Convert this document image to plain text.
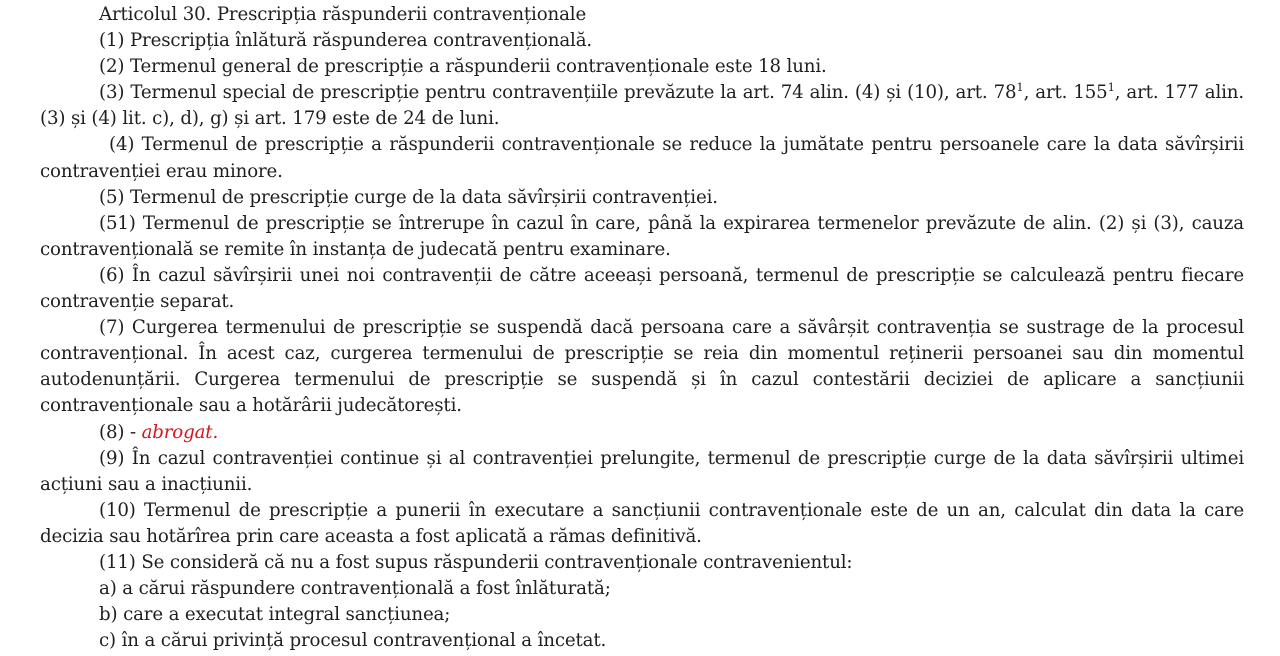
Articolul 30. Prescripția răspunderii contravenționale

(1) Prescripția înlătură răspunderea contravențională.

(2) Termenul general de prescripție a răspunderii contravenționale este 18 luni.

(3) Termenul special de prescripție pentru contravențiile prevăzute la art. 74 alin. (4) și (10), art. $78^1$, art. $155^1$, art. 177 alin. (3) și (4) lit. c), d), g) și art. 179 este de 24 de luni.

(4) Termenul de prescripție a răspunderii contravenționale se reduce la jumătate pentru persoanele care la data săvîrșirii contravenției erau minore.

(5) Termenul de prescripție curge de la data săvîrșirii contravenției.

(51) Termenul de prescripție se întrerupe în cazul în care, până la expirarea termenelor prevăzute de alin. (2) și (3), cauza contravențională se remite în instanța de judecată pentru examinare.

(6) În cazul săvîrșirii unei noi contravenții de către aceeași persoană, termenul de prescripție se calculează pentru fiecare contravenție separat.

(7) Curgerea termenului de prescripție se suspendă dacă persoana care a săvârșit contravenția se sustrage de la procesul contravențional. În acest caz, curgerea termenului de prescripție se reia din momentul reținerii persoanei sau din momentul autodenunțării. Curgerea termenului de prescripție se suspendă și în cazul contestării deciziei de aplicare a sancțiunii contravenționale sau a hotărârii judecătorești.

(8) - abrogat.

(9) În cazul contravenției continue și al contravenției prelungite, termenul de prescripție curge de la data săvîrșirii ultimei acțiuni sau a inacțiunii.

(10) Termenul de prescripție a punerii în executare a sancțiunii contravenționale este de un an, calculat din data la care decizia sau hotărîrea prin care aceasta a fost aplicată a rămas definitivă.

(11) Se consideră că nu a fost supus răspunderii contravenționale contravenientul:

a) a cărui răspundere contravențională a fost înlăturată;

b) care a executat integral sancțiunea;

c) în a cărui privință procesul contravențional a încetat.
